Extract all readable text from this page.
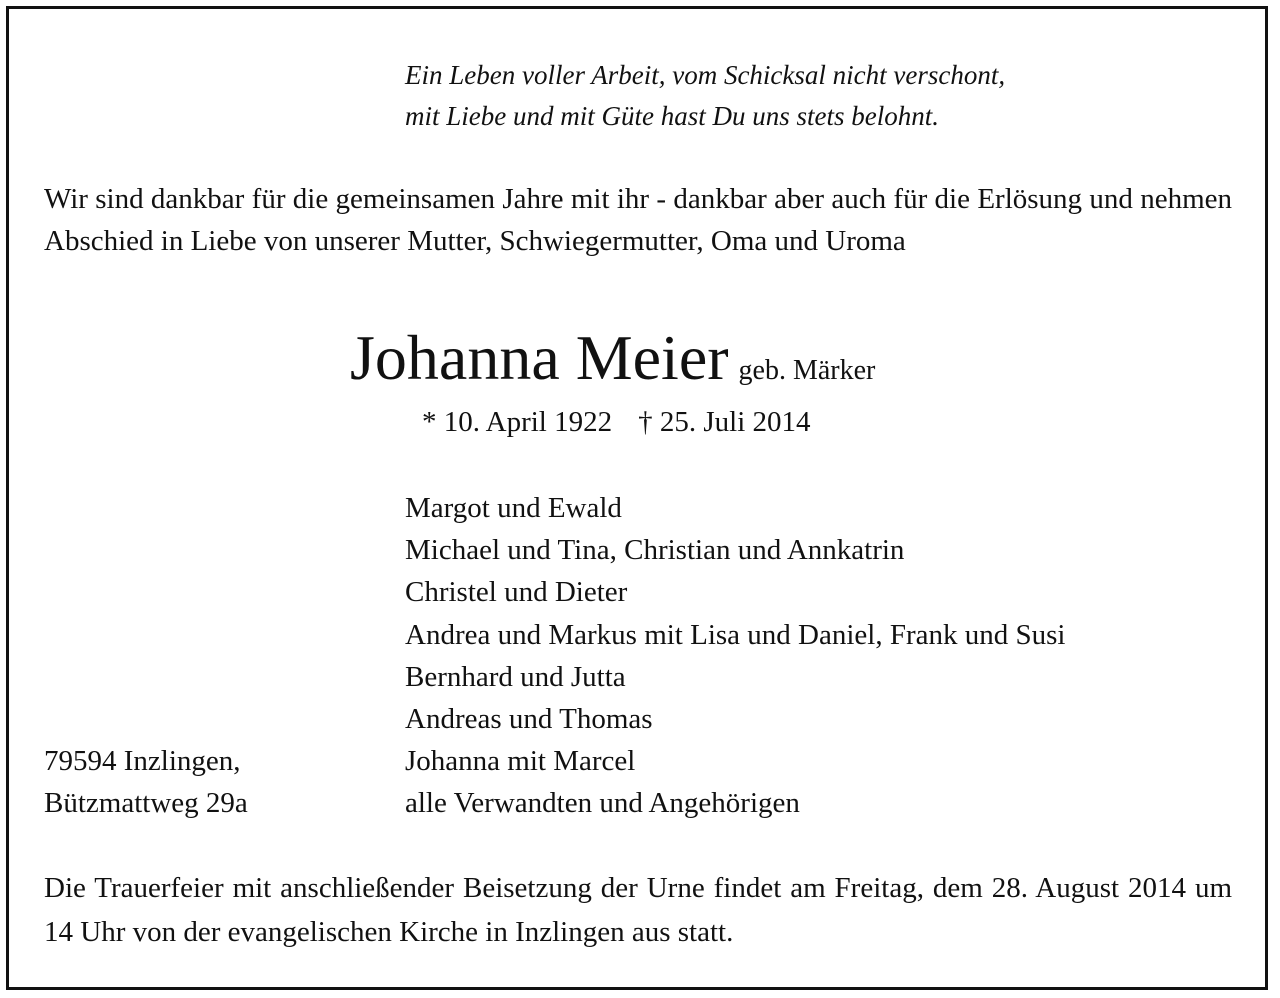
Ein Leben voller Arbeit, vom Schicksal nicht verschont,
mit Liebe und mit Güte hast Du uns stets belohnt.
Wir sind dankbar für die gemeinsamen Jahre mit ihr - dankbar aber auch für die Erlösung und nehmen Abschied in Liebe von unserer Mutter, Schwiegermutter, Oma und Uroma
Johanna Meier geb. Märker
* 10. April 1922 † 25. Juli 2014
Margot und Ewald
Michael und Tina, Christian und Annkatrin
Christel und Dieter
Andrea und Markus mit Lisa und Daniel, Frank und Susi
Bernhard und Jutta
Andreas und Thomas
Johanna mit Marcel
alle Verwandten und Angehörigen
79594 Inzlingen,
Bützmattweg 29a
Die Trauerfeier mit anschließender Beisetzung der Urne findet am Freitag, dem 28. August 2014 um 14 Uhr von der evangelischen Kirche in Inzlingen aus statt.
